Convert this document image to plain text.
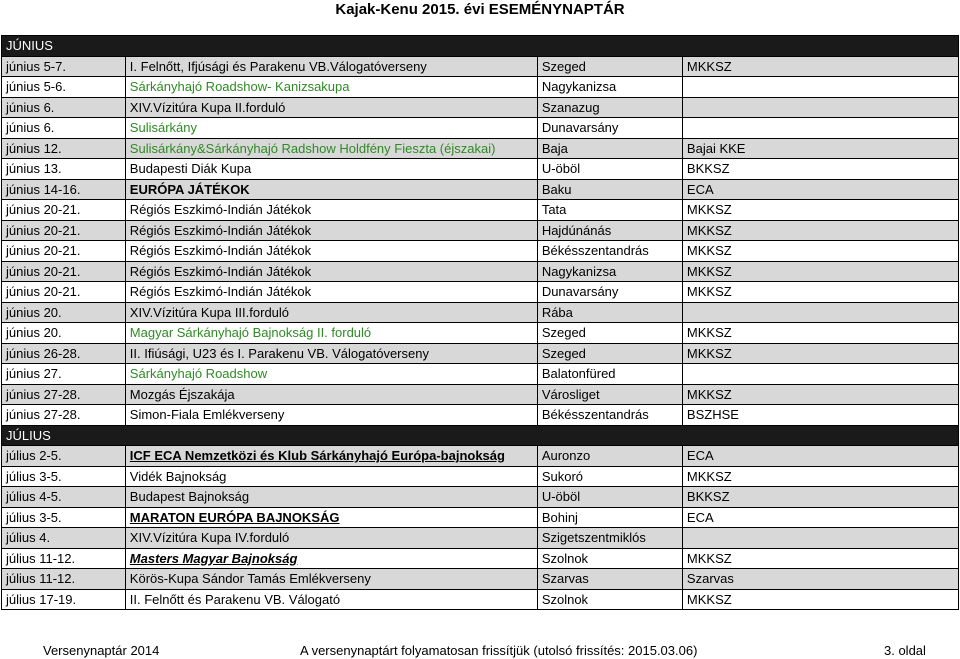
Kajak-Kenu 2015. évi ESEMÉNYNAPTÁR
JÚNIUS			
június 5-7.	I. Felnőtt, Ifjúsági és Parakenu VB.Válogatóverseny	Szeged	MKKSZ
június 5-6.	Sárkányhajó Roadshow- Kanizsakupa	Nagykanizsa	
június 6.	XIV.Vízitúra Kupa II.forduló	Szanazug	
június 6.	Sulisárkány	Dunavarsány	
június 12.	Sulisárkány&Sárkányhajó Radshow Holdfény Fieszta (éjszakai)	Baja	Bajai KKE
június 13.	Budapesti Diák Kupa	U-öböl	BKKSZ
június 14-16.	EURÓPA JÁTÉKOK	Baku	ECA
június 20-21.	Régiós Eszkimó-Indián Játékok	Tata	MKKSZ
június 20-21.	Régiós Eszkimó-Indián Játékok	Hajdúnánás	MKKSZ
június 20-21.	Régiós Eszkimó-Indián Játékok	Békésszentandrás	MKKSZ
június 20-21.	Régiós Eszkimó-Indián Játékok	Nagykanizsa	MKKSZ
június 20-21.	Régiós Eszkimó-Indián Játékok	Dunavarsány	MKKSZ
június 20.	XIV.Vízitúra Kupa III.forduló	Rába	
június 20.	Magyar Sárkányhajó Bajnokság II. forduló	Szeged	MKKSZ
június 26-28.	II. Ifiúsági, U23 és I. Parakenu VB. Válogatóverseny	Szeged	MKKSZ
június 27.	Sárkányhajó Roadshow	Balatonfüred	
június 27-28.	Mozgás Éjszakája	Városliget	MKKSZ
június 27-28.	Simon-Fiala Emlékverseny	Békésszentandrás	BSZHSE
JÚLIUS			
július 2-5.	ICF ECA Nemzetközi és Klub Sárkányhajó Európa-bajnokság	Auronzo	ECA
július 3-5.	Vidék Bajnokság	Sukoró	MKKSZ
július 4-5.	Budapest Bajnokság	U-öböl	BKKSZ
július 3-5.	MARATON EURÓPA BAJNOKSÁG	Bohinj	ECA
július 4.	XIV.Vízitúra Kupa IV.forduló	Szigetszentmiklós	
július 11-12.	Masters Magyar Bajnokság	Szolnok	MKKSZ
július 11-12.	Körös-Kupa Sándor Tamás Emlékverseny	Szarvas	Szarvas
július 17-19.	II. Felnőtt és Parakenu VB. Válogató	Szolnok	MKKSZ
Versenynaptár 2014	A versenynaptárt folyamatosan frissítjük (utolsó frissítés: 2015.03.06)	3. oldal
